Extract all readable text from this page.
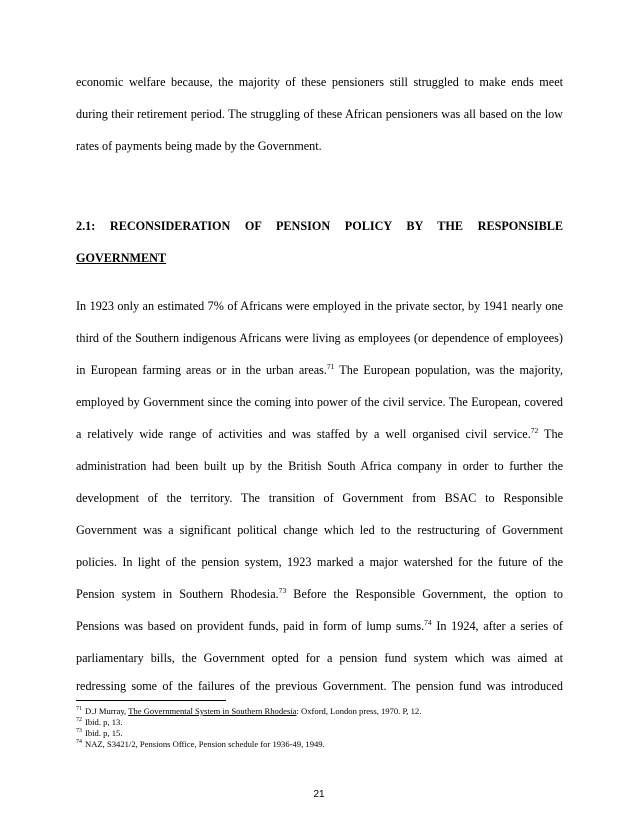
economic welfare because, the majority of these pensioners still struggled to make ends meet
during their retirement period. The struggling of these African pensioners was all based on the low
rates of payments being made by the Government.
2.1: RECONSIDERATION OF PENSION POLICY BY THE RESPONSIBLE
GOVERNMENT
In 1923 only an estimated 7% of Africans were employed in the private sector, by 1941 nearly one
third of the Southern indigenous Africans were living as employees (or dependence of employees)
in European farming areas or in the urban areas.$^{71}$ The European population, was the majority,
employed by Government since the coming into power of the civil service. The European, covered
a relatively wide range of activities and was staffed by a well organised civil service.$^{72}$ The
administration had been built up by the British South Africa company in order to further the
development of the territory. The transition of Government from BSAC to Responsible
Government was a significant political change which led to the restructuring of Government
policies. In light of the pension system, 1923 marked a major watershed for the future of the
Pension system in Southern Rhodesia.$^{73}$ Before the Responsible Government, the option to
Pensions was based on provident funds, paid in form of lump sums.$^{74}$ In 1924, after a series of
parliamentary bills, the Government opted for a pension fund system which was aimed at
redressing some of the failures of the previous Government. The pension fund was introduced
$^{71}$ D.J Murray, The Governmental System in Southern Rhodesia: Oxford, London press, 1970. P, 12.
$^{72}$ Ibid. p, 13.
$^{73}$ Ibid. p, 15.
$^{74}$ NAZ, S3421/2, Pensions Office, Pension schedule for 1936-49, 1949.
21
